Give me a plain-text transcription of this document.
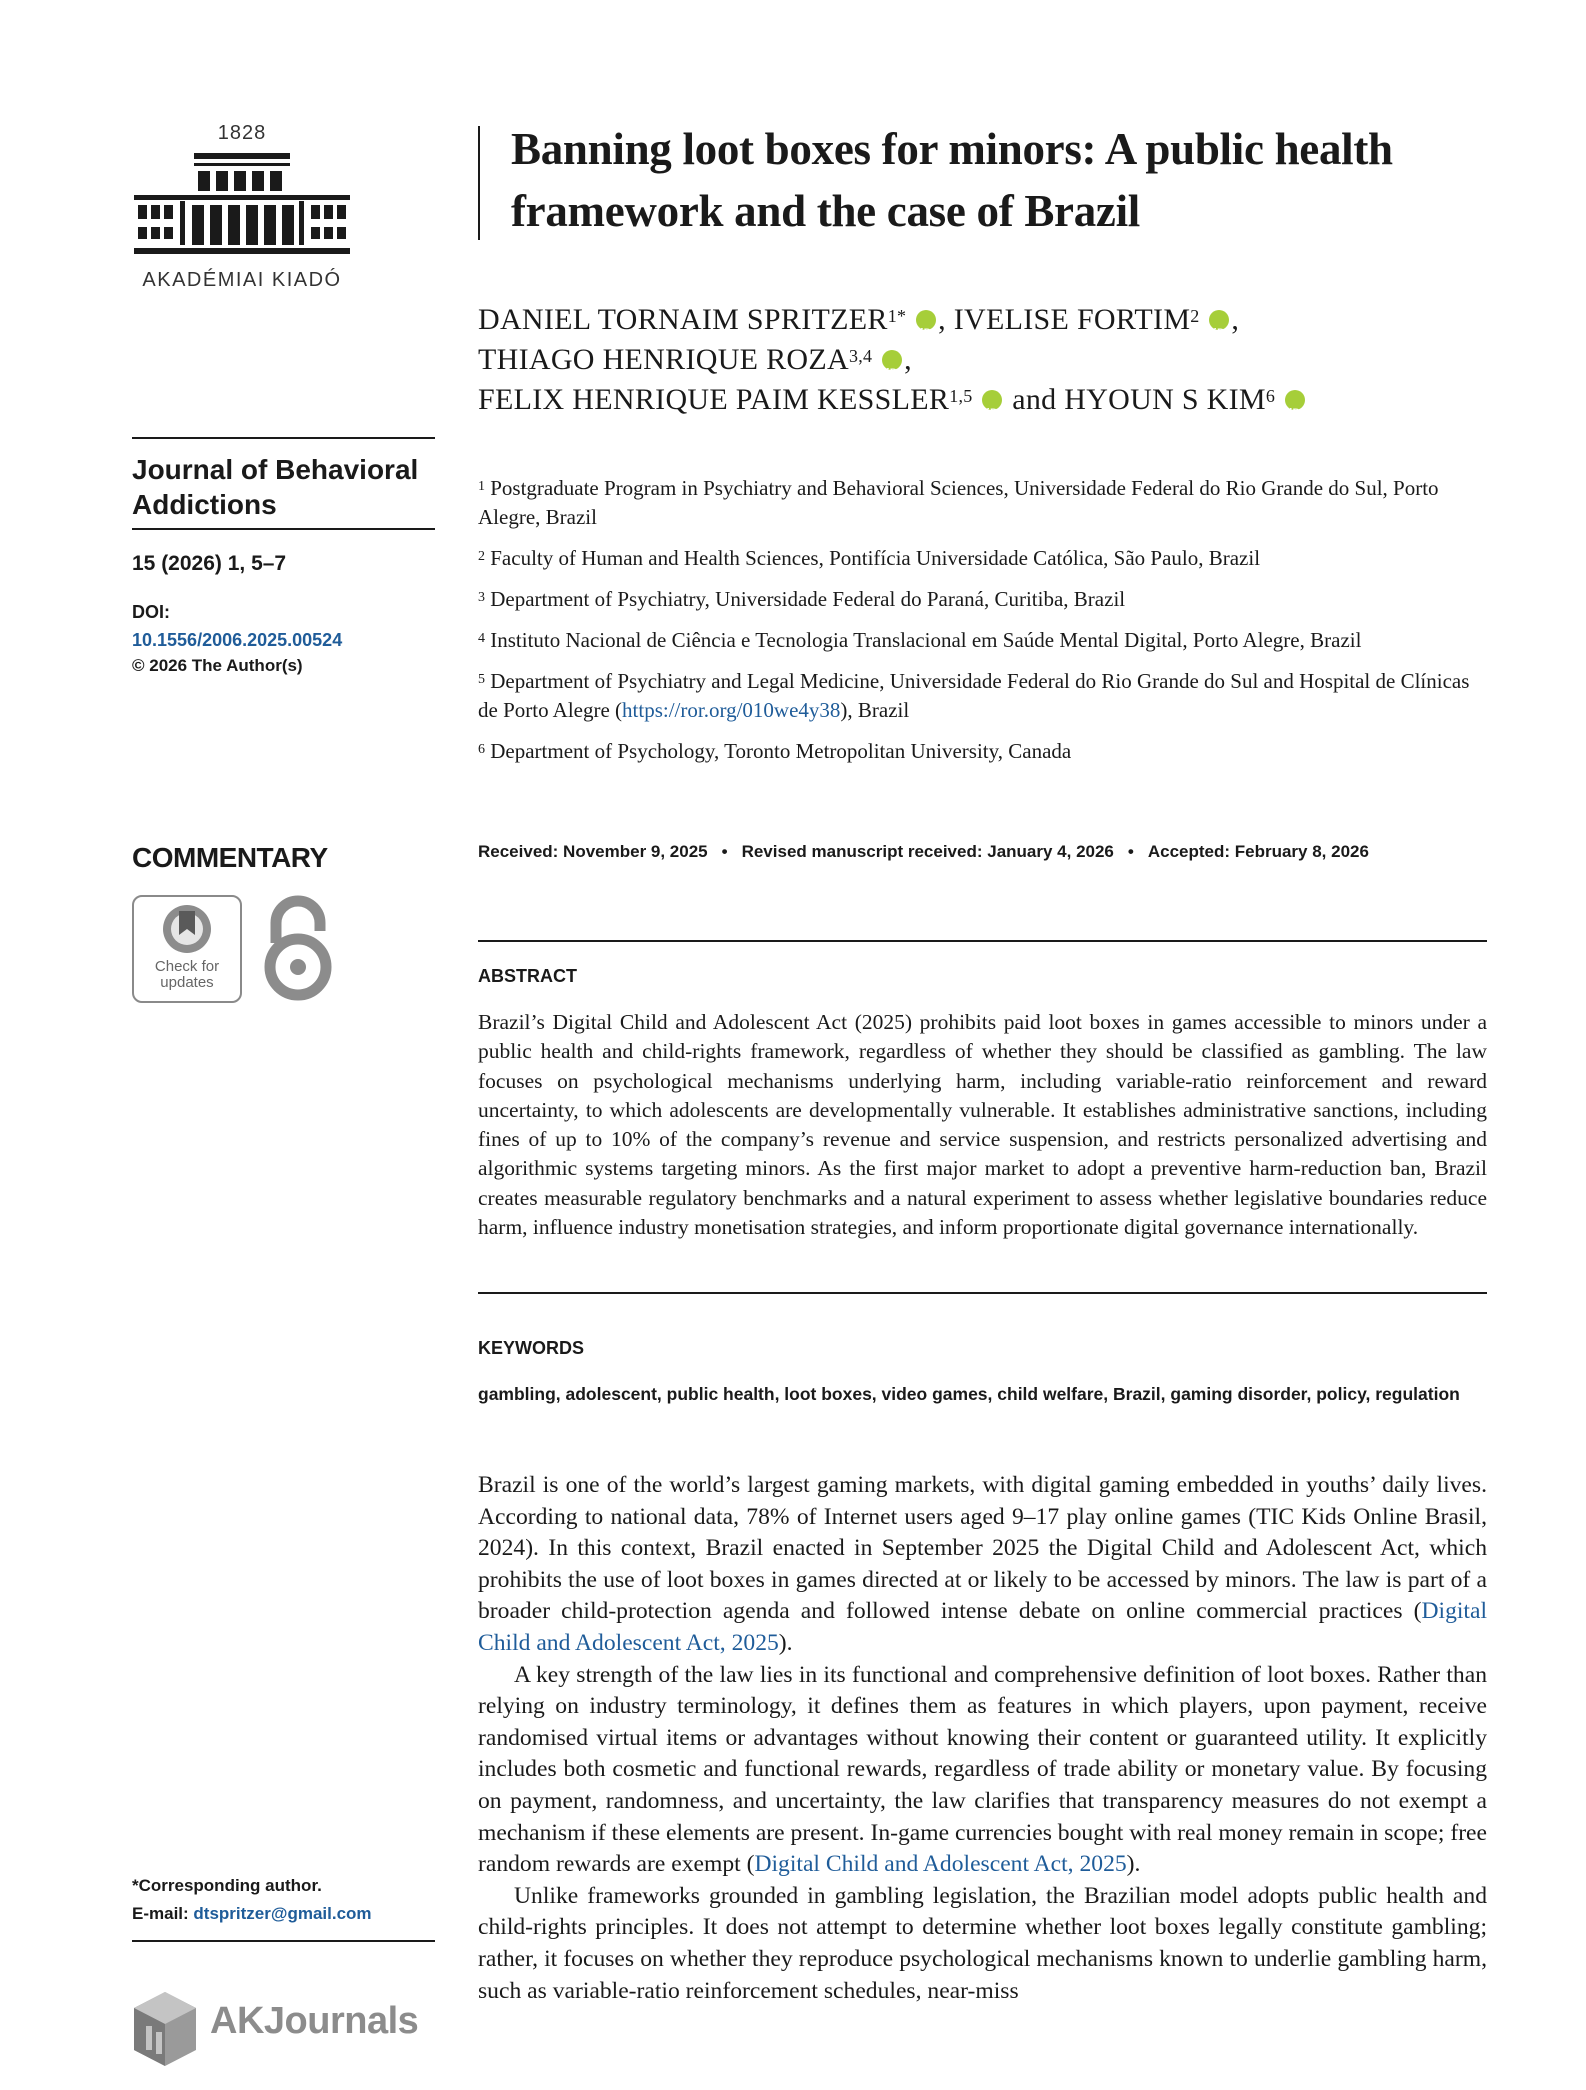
1828
AKADÉMIAI KIADÓ
Journal of Behavioral Addictions
15 (2026) 1, 5–7
DOI:
10.1556/2006.2025.00524
© 2026 The Author(s)
COMMENTARY
Check for
updates
*Corresponding author.
E-mail: dtspritzer@gmail.com
AKJournals
Banning loot boxes for minors: A public health framework and the case of Brazil
DANIEL TORNAIM $SPRITZER^{1*}$ iD , IVELISE FORTIM$^2$ iD ,
THIAGO HENRIQUE ROZA$^{3,4}$ iD ,
FELIX HENRIQUE PAIM KESSLER$^{1,5}$ iD and HYOUN S KIM$^6$ iD
$^1$ Postgraduate Program in Psychiatry and Behavioral Sciences, Universidade Federal do Rio Grande do Sul, Porto Alegre, Brazil
$^2$ Faculty of Human and Health Sciences, Pontifícia Universidade Católica, São Paulo, Brazil
$^3$ Department of Psychiatry, Universidade Federal do Paraná, Curitiba, Brazil
$^4$ Instituto Nacional de Ciência e Tecnologia Translacional em Saúde Mental Digital, Porto Alegre, Brazil
$^5$ Department of Psychiatry and Legal Medicine, Universidade Federal do Rio Grande do Sul and Hospital de Clínicas de Porto Alegre (https://ror.org/010we4y38), Brazil
$^6$ Department of Psychology, Toronto Metropolitan University, Canada
Received: November 9, 2025 • Revised manuscript received: January 4, 2026 • Accepted: February 8, 2026
ABSTRACT
Brazil’s Digital Child and Adolescent Act (2025) prohibits paid loot boxes in games accessible to minors under a public health and child-rights framework, regardless of whether they should be classified as gambling. The law focuses on psychological mechanisms underlying harm, including variable-ratio reinforcement and reward uncertainty, to which adolescents are developmentally vulnerable. It establishes administrative sanctions, including fines of up to 10% of the company’s revenue and service suspension, and restricts personalized advertising and algorithmic systems targeting minors. As the first major market to adopt a preventive harm-reduction ban, Brazil creates measurable regulatory benchmarks and a natural experiment to assess whether legislative boundaries reduce harm, influence industry monetisation strategies, and inform proportionate digital governance internationally.
KEYWORDS
gambling, adolescent, public health, loot boxes, video games, child welfare, Brazil, gaming disorder, policy, regulation

Brazil is one of the world’s largest gaming markets, with digital gaming embedded in youths’ daily lives. According to national data, 78% of Internet users aged 9–17 play online games (TIC Kids Online Brasil, 2024). In this context, Brazil enacted in September 2025 the Digital Child and Adolescent Act, which prohibits the use of loot boxes in games directed at or likely to be accessed by minors. The law is part of a broader child-protection agenda and followed intense debate on online commercial practices (Digital Child and Adolescent Act, 2025).

A key strength of the law lies in its functional and comprehensive definition of loot boxes. Rather than relying on industry terminology, it defines them as features in which players, upon payment, receive randomised virtual items or advantages without knowing their content or guaranteed utility. It explicitly includes both cosmetic and functional rewards, regardless of trade ability or monetary value. By focusing on payment, randomness, and uncertainty, the law clarifies that transparency measures do not exempt a mechanism if these elements are present. In-game currencies bought with real money remain in scope; free random rewards are exempt (Digital Child and Adolescent Act, 2025).

Unlike frameworks grounded in gambling legislation, the Brazilian model adopts public health and child-rights principles. It does not attempt to determine whether loot boxes legally constitute gambling; rather, it focuses on whether they reproduce psychological mechanisms known to underlie gambling harm, such as variable-ratio reinforcement schedules, near-miss
